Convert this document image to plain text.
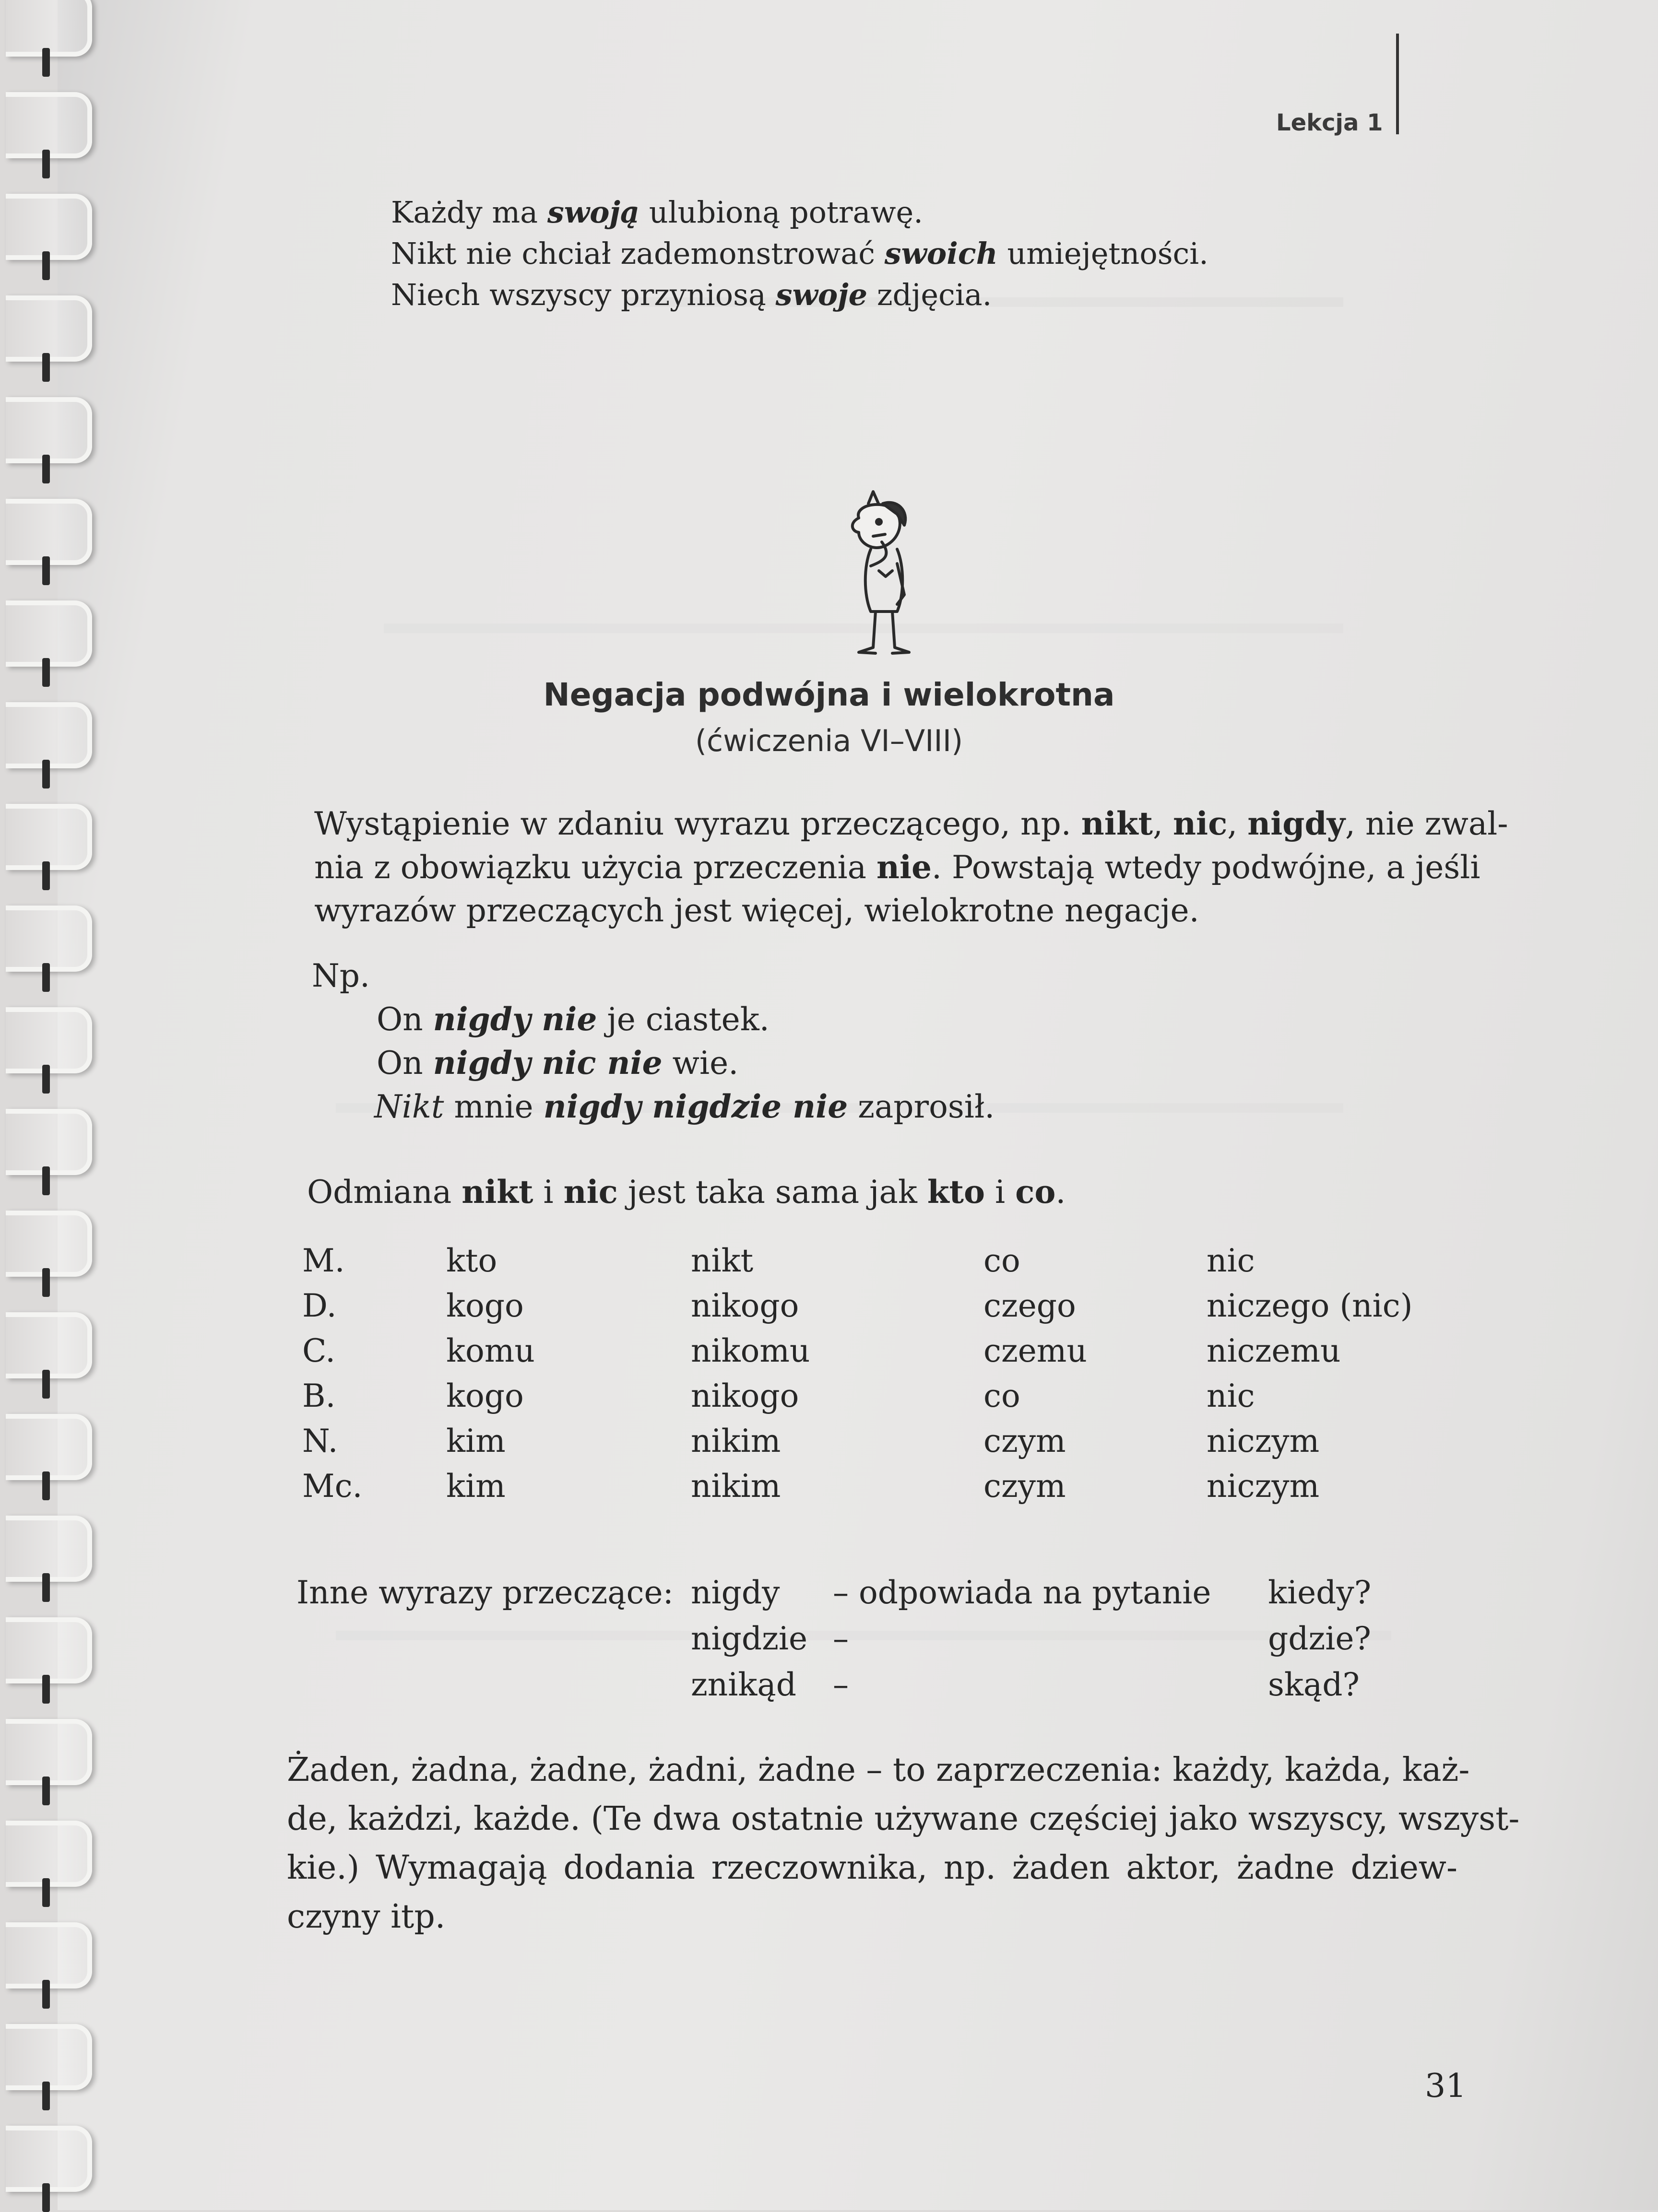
Lekcja 1
Każdy ma swoją ulubioną potrawę.
Nikt nie chciał zademonstrować swoich umiejętności.
Niech wszyscy przyniosą swoje zdjęcia.
Negacja podwójna i wielokrotna
(ćwiczenia VI–VIII)
Wystąpienie w zdaniu wyrazu przeczącego, np. nikt, nic, nigdy, nie zwal-
nia z obowiązku użycia przeczenia nie. Powstają wtedy podwójne, a jeśli
wyrazów przeczących jest więcej, wielokrotne negacje.
Np.
On nigdy nie je ciastek.
On nigdy nic nie wie.
Nikt mnie nigdy nigdzie nie zaprosił.
Odmiana nikt i nic jest taka sama jak kto i co.
M.	kto	nikt	co	nic
D.	kogo	nikogo	czego	niczego (nic)
C.	komu	nikomu	czemu	niczemu
B.	kogo	nikogo	co	nic
N.	kim	nikim	czym	niczym
Mc.	kim	nikim	czym	niczym
Inne wyrazy przeczące: nigdy – odpowiada na pytanie kiedy?
nigdzie –	gdzie?
znikąd –	skąd?
Żaden, żadna, żadne, żadni, żadne – to zaprzeczenia: każdy, każda, każ-
de, każdzi, każde. (Te dwa ostatnie używane częściej jako wszyscy, wszyst-
kie.) Wymagają dodania rzeczownika, np. żaden aktor, żadne dziew-
czyny itp.
31
